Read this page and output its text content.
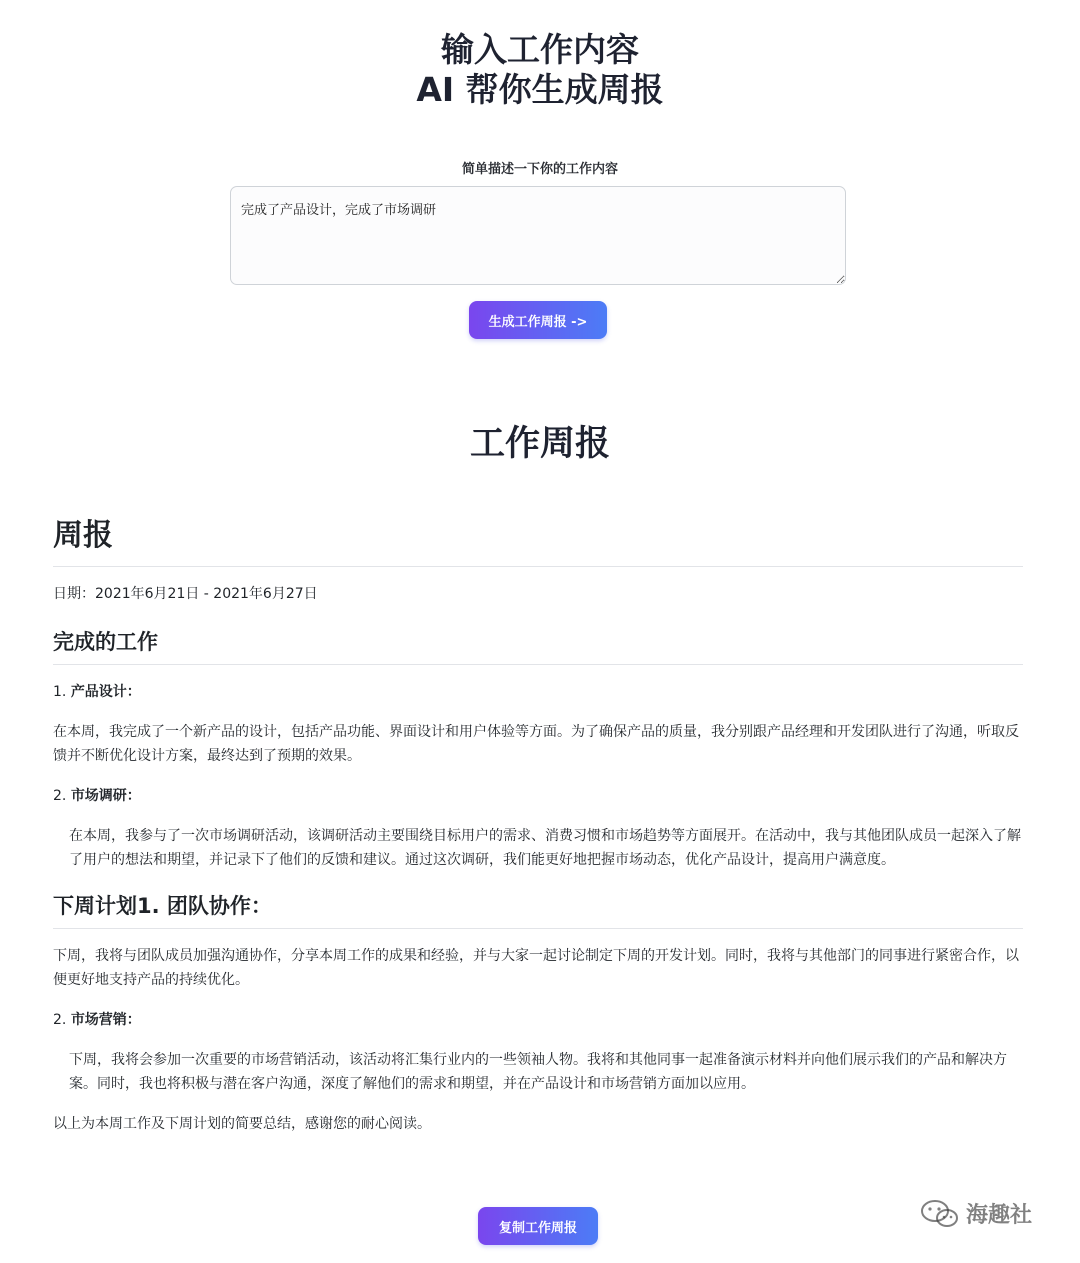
输入工作内容
AI 帮你生成周报
简单描述一下你的工作内容
完成了产品设计，完成了市场调研
生成工作周报 ->
工作周报
周报

日期：2021年6月21日 - 2021年6月27日

完成的工作

1. 产品设计：

在本周，我完成了一个新产品的设计，包括产品功能、界面设计和用户体验等方面。为了确保产品的质量，我分别跟产品经理和开发团队进行了沟通，听取反馈并不断优化设计方案，最终达到了预期的效果。

2. 市场调研：

在本周，我参与了一次市场调研活动，该调研活动主要围绕目标用户的需求、消费习惯和市场趋势等方面展开。在活动中，我与其他团队成员一起深入了解了用户的想法和期望，并记录下了他们的反馈和建议。通过这次调研，我们能更好地把握市场动态，优化产品设计，提高用户满意度。

下周计划1. 团队协作：

下周，我将与团队成员加强沟通协作，分享本周工作的成果和经验，并与大家一起讨论制定下周的开发计划。同时，我将与其他部门的同事进行紧密合作，以便更好地支持产品的持续优化。

2. 市场营销：

下周，我将会参加一次重要的市场营销活动，该活动将汇集行业内的一些领袖人物。我将和其他同事一起准备演示材料并向他们展示我们的产品和解决方案。同时，我也将积极与潜在客户沟通，深度了解他们的需求和期望，并在产品设计和市场营销方面加以应用。

以上为本周工作及下周计划的简要总结，感谢您的耐心阅读。

复制工作周报	海趣社
